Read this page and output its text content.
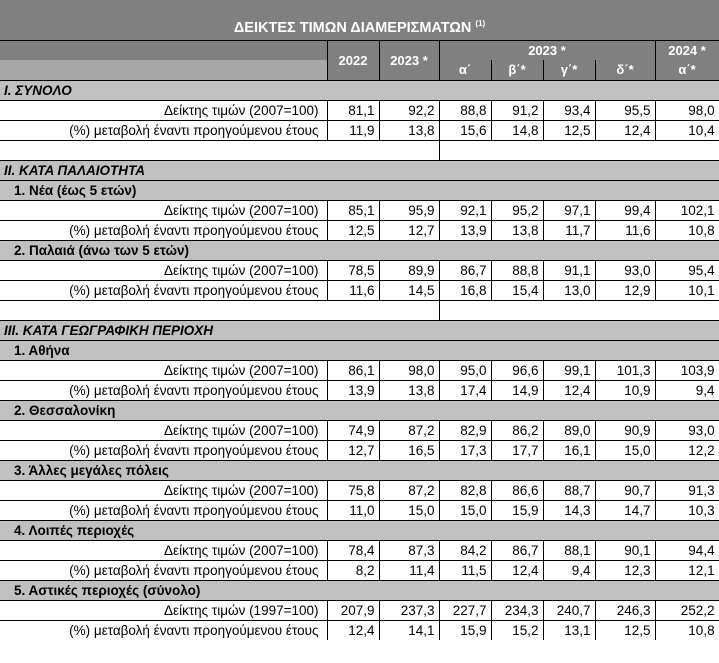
ΔΕΙΚΤΕΣ ΤΙΜΩΝ ΔΙΑΜΕΡΙΣΜΑΤΩΝ $^{(1)}$
	2022	2023 *	2023 *				2024 *
			α΄	β΄*	γ΄*	δ΄*	α΄*
I. ΣΥΝΟΛΟ							
Δείκτης τιμών (2007=100)	81,1	92,2	88,8	91,2	93,4	95,5	98,0
(%) μεταβολή έναντι προηγούμενου έτους	11,9	13,8	15,6	14,8	12,5	12,4	10,4

II. ΚΑΤΑ ΠΑΛΑΙΟΤΗΤΑ							
1. Νέα (έως 5 ετών)							
Δείκτης τιμών (2007=100)	85,1	95,9	92,1	95,2	97,1	99,4	102,1
(%) μεταβολή έναντι προηγούμενου έτους	12,5	12,7	13,9	13,8	11,7	11,6	10,8
2. Παλαιά (άνω των 5 ετών)							
Δείκτης τιμών (2007=100)	78,5	89,9	86,7	88,8	91,1	93,0	95,4
(%) μεταβολή έναντι προηγούμενου έτους	11,6	14,5	16,8	15,4	13,0	12,9	10,1

III. ΚΑΤΑ ΓΕΩΓΡΑΦΙΚΗ ΠΕΡΙΟΧΗ							
1. Αθήνα							
Δείκτης τιμών (2007=100)	86,1	98,0	95,0	96,6	99,1	101,3	103,9
(%) μεταβολή έναντι προηγούμενου έτους	13,9	13,8	17,4	14,9	12,4	10,9	9,4
2. Θεσσαλονίκη							
Δείκτης τιμών (2007=100)	74,9	87,2	82,9	86,2	89,0	90,9	93,0
(%) μεταβολή έναντι προηγούμενου έτους	12,7	16,5	17,3	17,7	16,1	15,0	12,2
3. Άλλες μεγάλες πόλεις							
Δείκτης τιμών (2007=100)	75,8	87,2	82,8	86,6	88,7	90,7	91,3
(%) μεταβολή έναντι προηγούμενου έτους	11,0	15,0	15,0	15,9	14,3	14,7	10,3
4. Λοιπές περιοχές							
Δείκτης τιμών (2007=100)	78,4	87,3	84,2	86,7	88,1	90,1	94,4
(%) μεταβολή έναντι προηγούμενου έτους	8,2	11,4	11,5	12,4	9,4	12,3	12,1
5. Αστικές περιοχές (σύνολο)							
Δείκτης τιμών (1997=100)	207,9	237,3	227,7	234,3	240,7	246,3	252,2
(%) μεταβολή έναντι προηγούμενου έτους	12,4	14,1	15,9	15,2	13,1	12,5	10,8
